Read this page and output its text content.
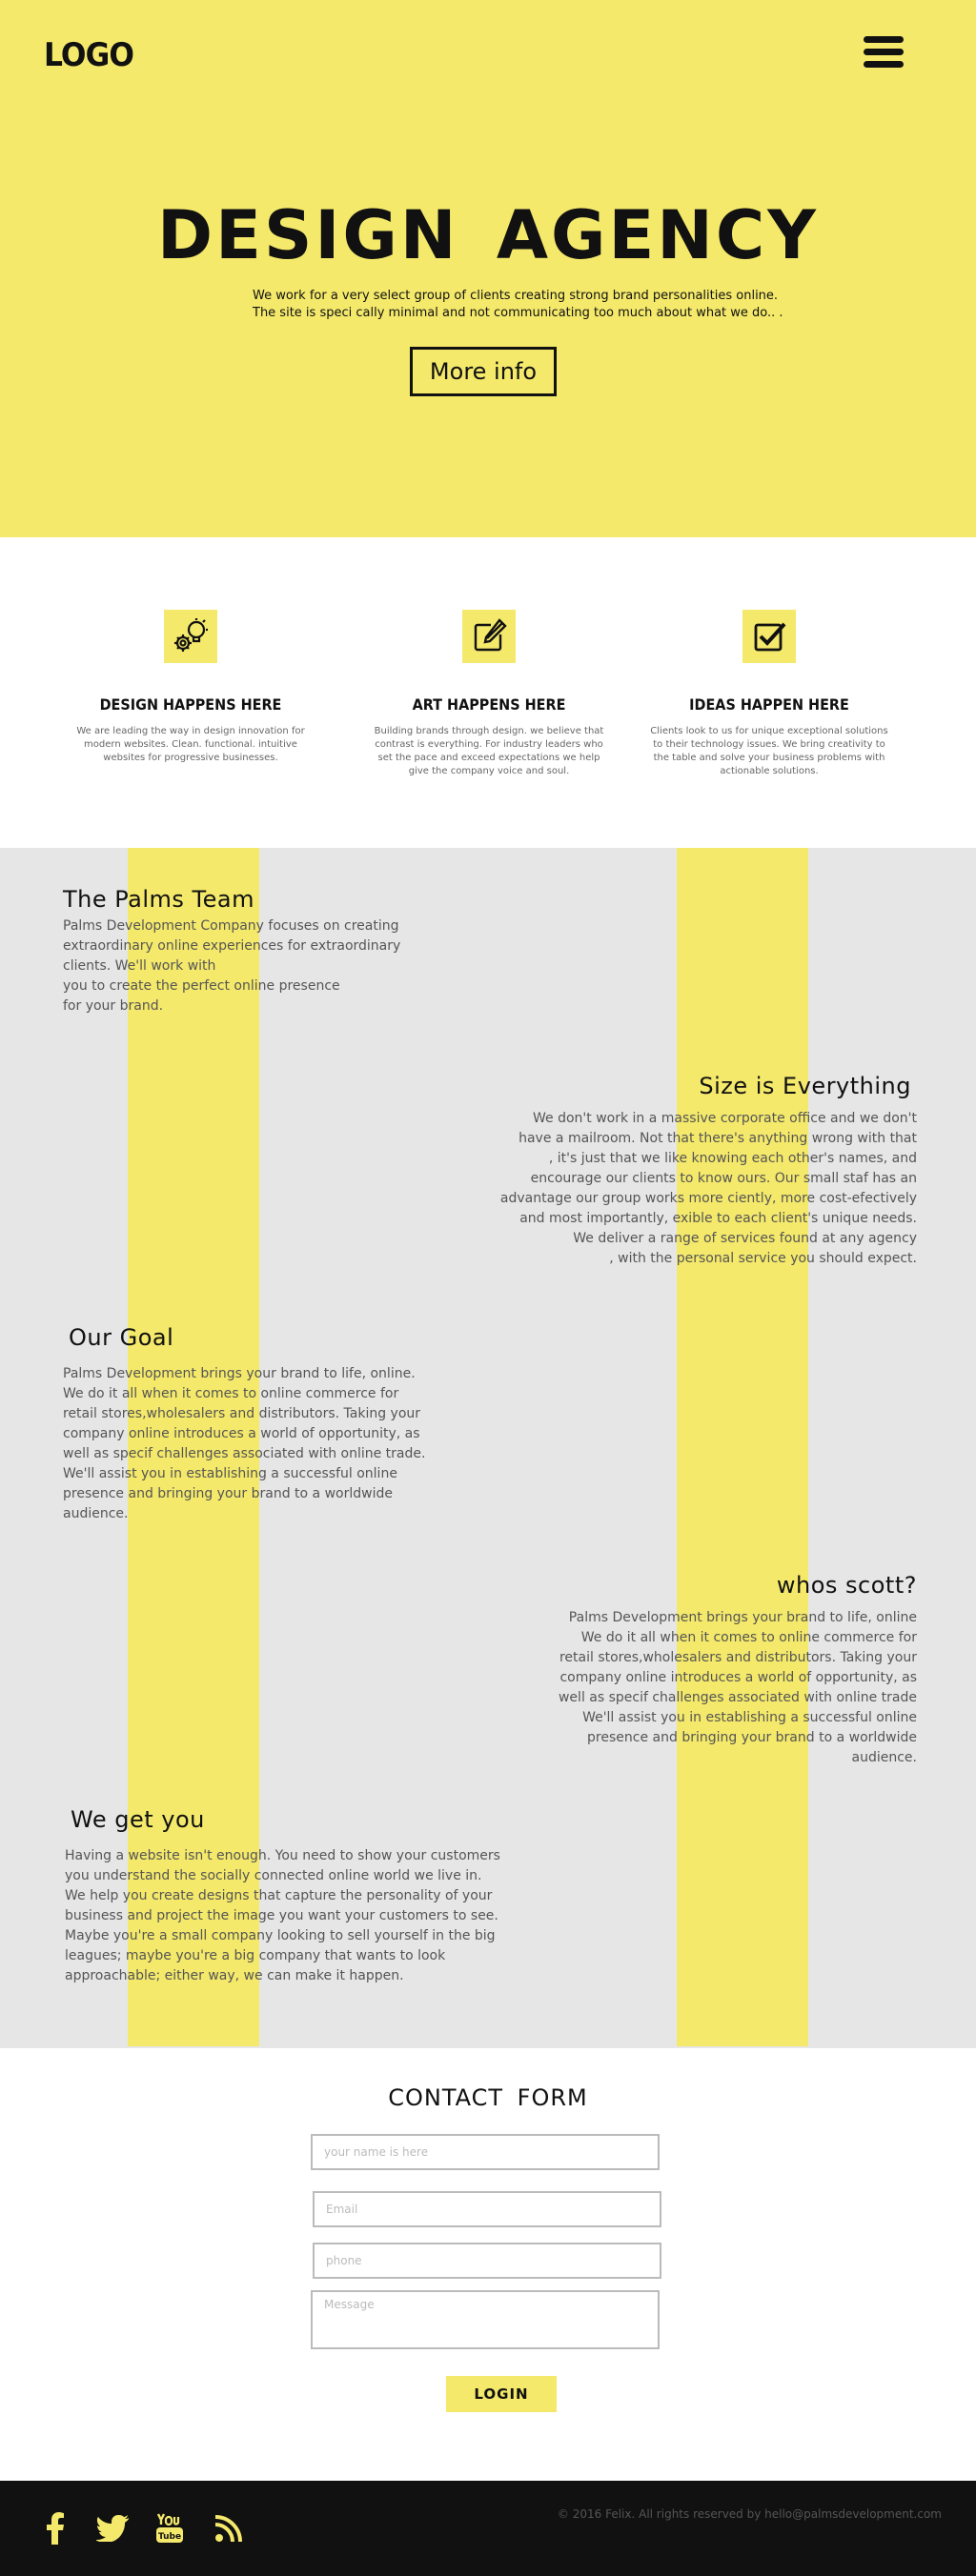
LOGO
DESIGN AGENCY
We work for a very select group of clients creating strong brand personalities online.
The site is speci cally minimal and not communicating too much about what we do.. .
More info
DESIGN HAPPENS HERE

We are leading the way in design innovation for modern websites. Clean. functional. intuitive websites for progressive businesses.

ART HAPPENS HERE

Building brands through design. we believe that contrast is everything. For industry leaders who set the pace and exceed expectations we help give the company voice and soul.

IDEAS HAPPEN HERE

Clients look to us for unique exceptional solutions to their technology issues. We bring creativity to the table and solve your business problems with actionable solutions.

The Palms Team

Palms Development Company focuses on creating
extraordinary online experiences for extraordinary
clients. We'll work with
you to create the perfect online presence
for your brand.

Size is Everything

We don't work in a massive corporate office and we don't
have a mailroom. Not that there's anything wrong with that
, it's just that we like knowing each other's names, and
encourage our clients to know ours. Our small staf has an
advantage our group works more ciently, more cost-efectively
and most importantly, exible to each client's unique needs.
We deliver a range of services found at any agency
, with the personal service you should expect.

Our Goal

Palms Development brings your brand to life, online.
We do it all when it comes to online commerce for
retail stores,wholesalers and distributors. Taking your
company online introduces a world of opportunity, as
well as specif challenges associated with online trade.
We'll assist you in establishing a successful online
presence and bringing your brand to a worldwide
audience.

whos scott?

Palms Development brings your brand to life, online
We do it all when it comes to online commerce for
retail stores,wholesalers and distributors. Taking your
company online introduces a world of opportunity, as
well as specif challenges associated with online trade
We'll assist you in establishing a successful online
presence and bringing your brand to a worldwide
audience.

We get you

Having a website isn't enough. You need to show your customers
you understand the socially connected online world we live in.
We help you create designs that capture the personality of your
business and project the image you want your customers to see.
Maybe you're a small company looking to sell yourself in the big
leagues; maybe you're a big company that wants to look
approachable; either way, we can make it happen.

CONTACT FORM
your name is here
Email
phone
Message
LOGIN
Tube
© 2016 Felix. All rights reserved by hello@palmsdevelopment.com
